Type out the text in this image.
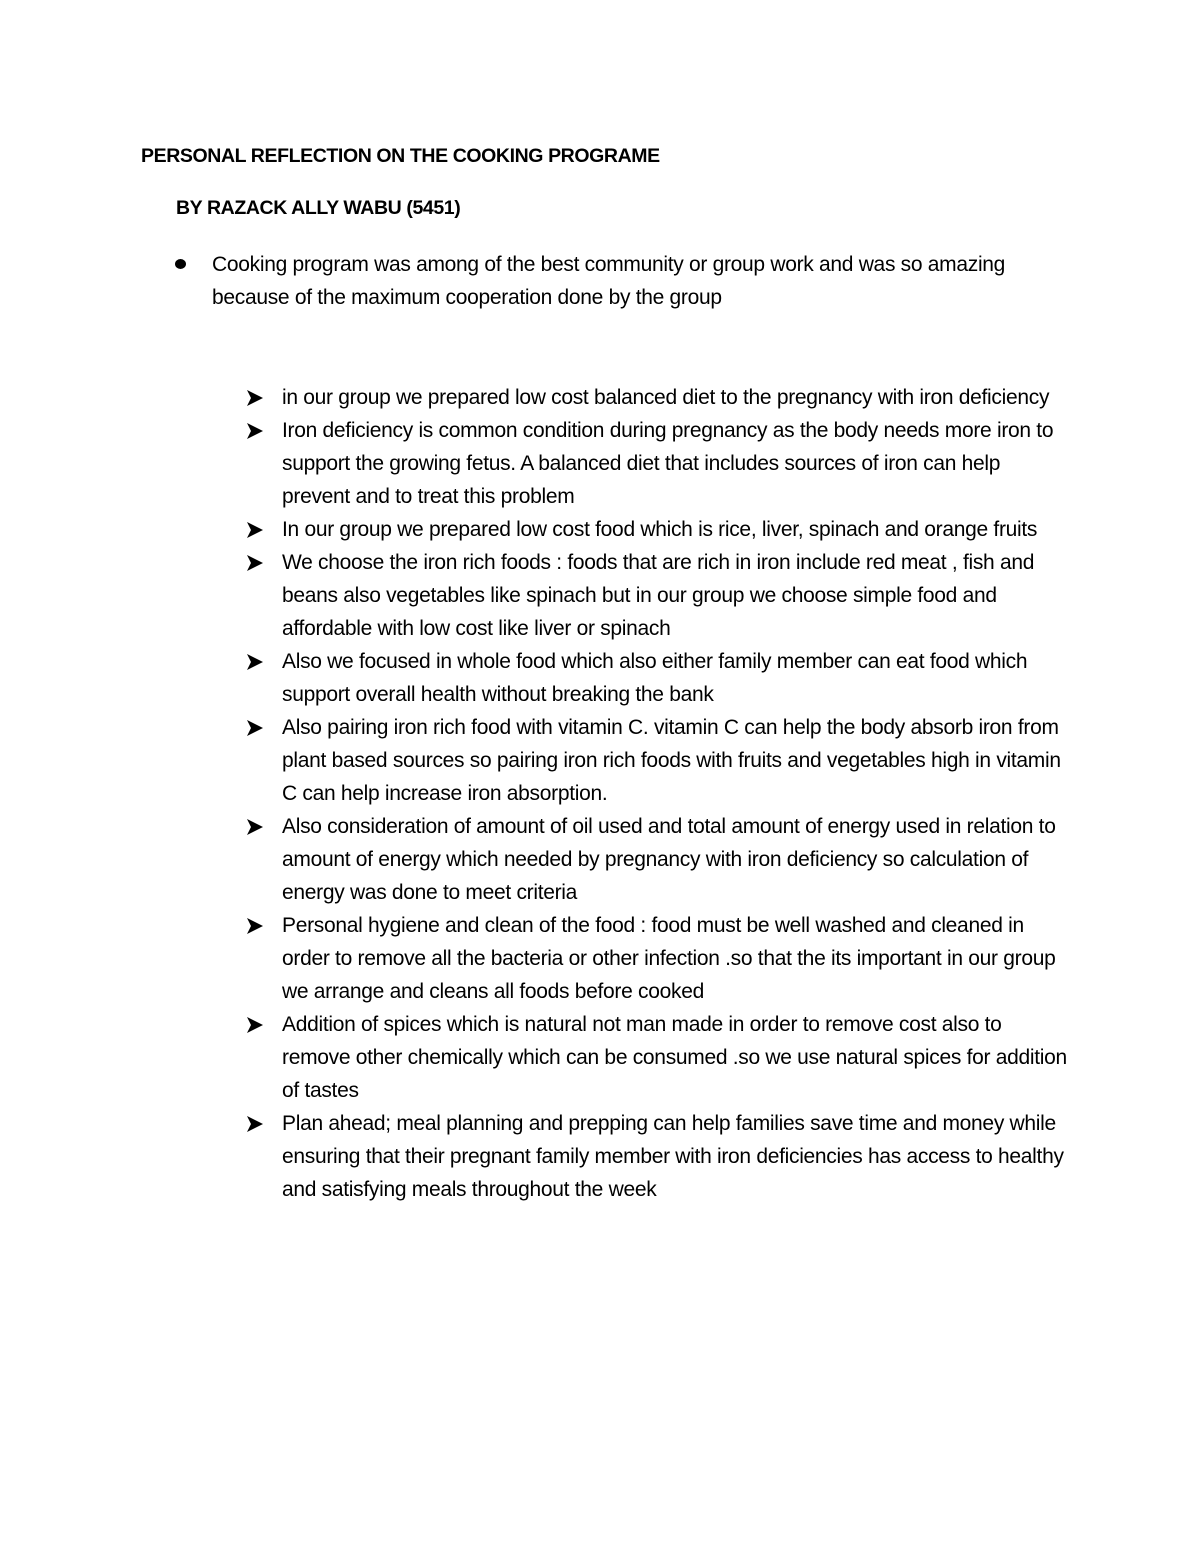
PERSONAL REFLECTION ON THE COOKING PROGRAME
BY RAZACK ALLY WABU (5451)
Cooking program was among of the best community or group work and was so amazing because of the maximum cooperation done by the group
in our group we prepared low cost balanced diet to the pregnancy with iron deficiency
Iron deficiency is common condition during pregnancy as the body needs more iron to support the growing fetus. A balanced diet that includes sources of iron can help prevent and to treat this problem
In our group we prepared low cost food which is rice, liver, spinach and orange fruits
We choose the iron rich foods : foods that are rich in iron include red meat , fish and beans also vegetables like spinach but in our group we choose simple food and affordable with low cost like liver or spinach
Also we focused in whole food which also either family member can eat food which support overall health without breaking the bank
Also pairing iron rich food with vitamin C. vitamin C can help the body absorb iron from plant based sources so pairing iron rich foods with fruits and vegetables high in vitamin C can help increase iron absorption.
Also consideration of amount of oil used and total amount of energy used in relation to amount of energy which needed by pregnancy with iron deficiency so calculation of energy was done to meet criteria
Personal hygiene and clean of the food : food must be well washed and cleaned in order to remove all the bacteria or other infection .so that the its important in our group we arrange and cleans all foods before cooked
Addition of spices which is natural not man made in order to remove cost also to remove other chemically which can be consumed .so we use natural spices for addition of tastes
Plan ahead; meal planning and prepping can help families save time and money while ensuring that their pregnant family member with iron deficiencies has access to healthy and satisfying meals throughout the week
